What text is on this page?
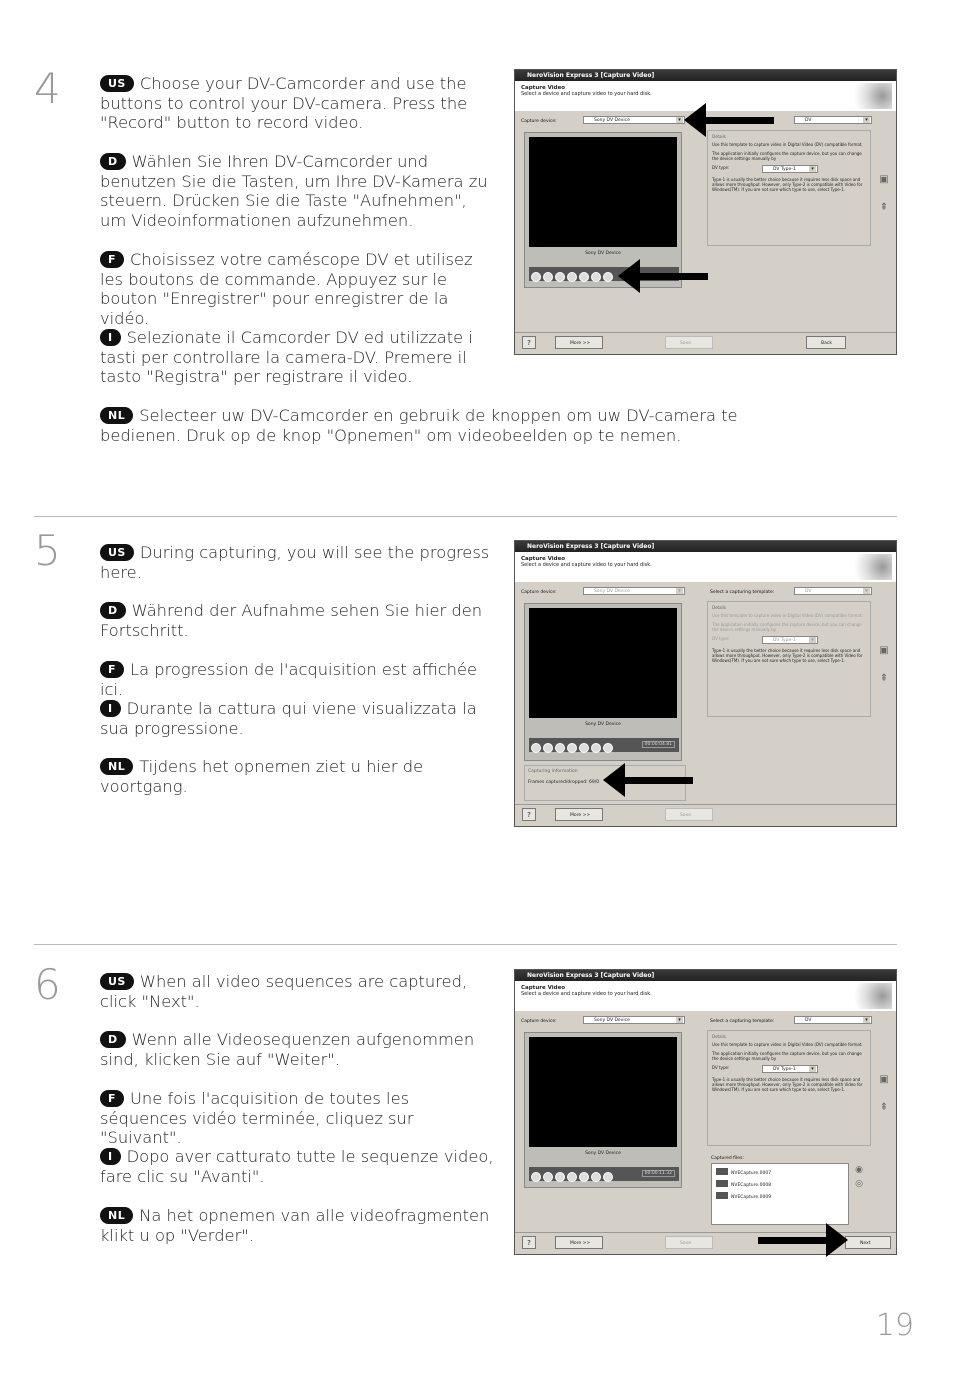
4	US Choose your DV-Camcorder and use the buttons to control your DV-camera. Press the "Record" button to record video.
D Wählen Sie Ihren DV-Camcorder und benutzen Sie die Tasten, um Ihre DV-Kamera zu steuern. Drücken Sie die Taste "Aufnehmen", um Videoinformationen aufzunehmen.
F Choisissez votre caméscope DV et utilisez les boutons de commande. Appuyez sur le bouton "Enregistrer" pour enregistrer de la vidéo.
I Selezionate il Camcorder DV ed utilizzate i tasti per controllare la camera-DV. Premere il tasto "Registra" per registrare il video.
NL Selecteer uw DV-Camcorder en gebruik de knoppen om uw DV-camera te bedienen. Druk op de knop "Opnemen" om videobeelden op te nemen.
NeroVision Express 3 [Capture Video]
Capture Video
Select a device and capture video to your hard disk.
Capture device:	Sony DV Device ▾	DV ▾
Sony DV Device
Details
Use this template to capture video in Digital Video (DV) compatible format.
The application initially configures the capture device, but you can change the device settings manually by
DV type:	DV Type-1 ▾
Type-1 is usually the better choice because it requires less disk space and allows more throughput. However, only Type-2 is compatible with Video for Windows(TM). If you are not sure which type to use, select Type-1.
▣
⇞
?	More >>	Save	Back
5	US During capturing, you will see the progress here.
D Während der Aufnahme sehen Sie hier den Fortschritt.
F La progression de l'acquisition est affichée ici.
I Durante la cattura qui viene visualizzata la sua progressione.
NL Tijdens het opnemen ziet u hier de voortgang.
NeroVision Express 3 [Capture Video]
Capture Video
Select a device and capture video to your hard disk.
Capture device:	Sony DV Device ▾	Select a capturing template:	DV ▾
Sony DV Device
00:00:04.81
Details
Use this template to capture video in Digital Video (DV) compatible format.
The application initially configures the capture device, but you can change the device settings manually by
DV type:	DV Type-1 ▾
Type-1 is usually the better choice because it requires less disk space and allows more throughput. However, only Type-2 is compatible with Video for Windows(TM). If you are not sure which type to use, select Type-1.
▣
⇞
Capturing information
Frames captured/dropped: 69/0
?	More >>	Save
6	US When all video sequences are captured, click "Next".
D Wenn alle Videosequenzen aufgenommen sind, klicken Sie auf "Weiter".
F Une fois l'acquisition de toutes les séquences vidéo terminée, cliquez sur "Suivant".
I Dopo aver catturato tutte le sequenze video, fare clic su "Avanti".
NL Na het opnemen van alle videofragmenten klikt u op "Verder".
NeroVision Express 3 [Capture Video]
Capture Video
Select a device and capture video to your hard disk.
Capture device:	Sony DV Device ▾	Select a capturing template:	DV ▾
Sony DV Device
00:00:11.32
Details
Use this template to capture video in Digital Video (DV) compatible format.
The application initially configures the capture device, but you can change the device settings manually by
DV type:	DV Type-1 ▾
Type-1 is usually the better choice because it requires less disk space and allows more throughput. However, only Type-2 is compatible with Video for Windows(TM). If you are not sure which type to use, select Type-1.
▣
⇞
Captured files:
NVECapture.0007
NVECapture.0008
NVECapture.0009
◉
◎
?	More >>	Save	Next
19
